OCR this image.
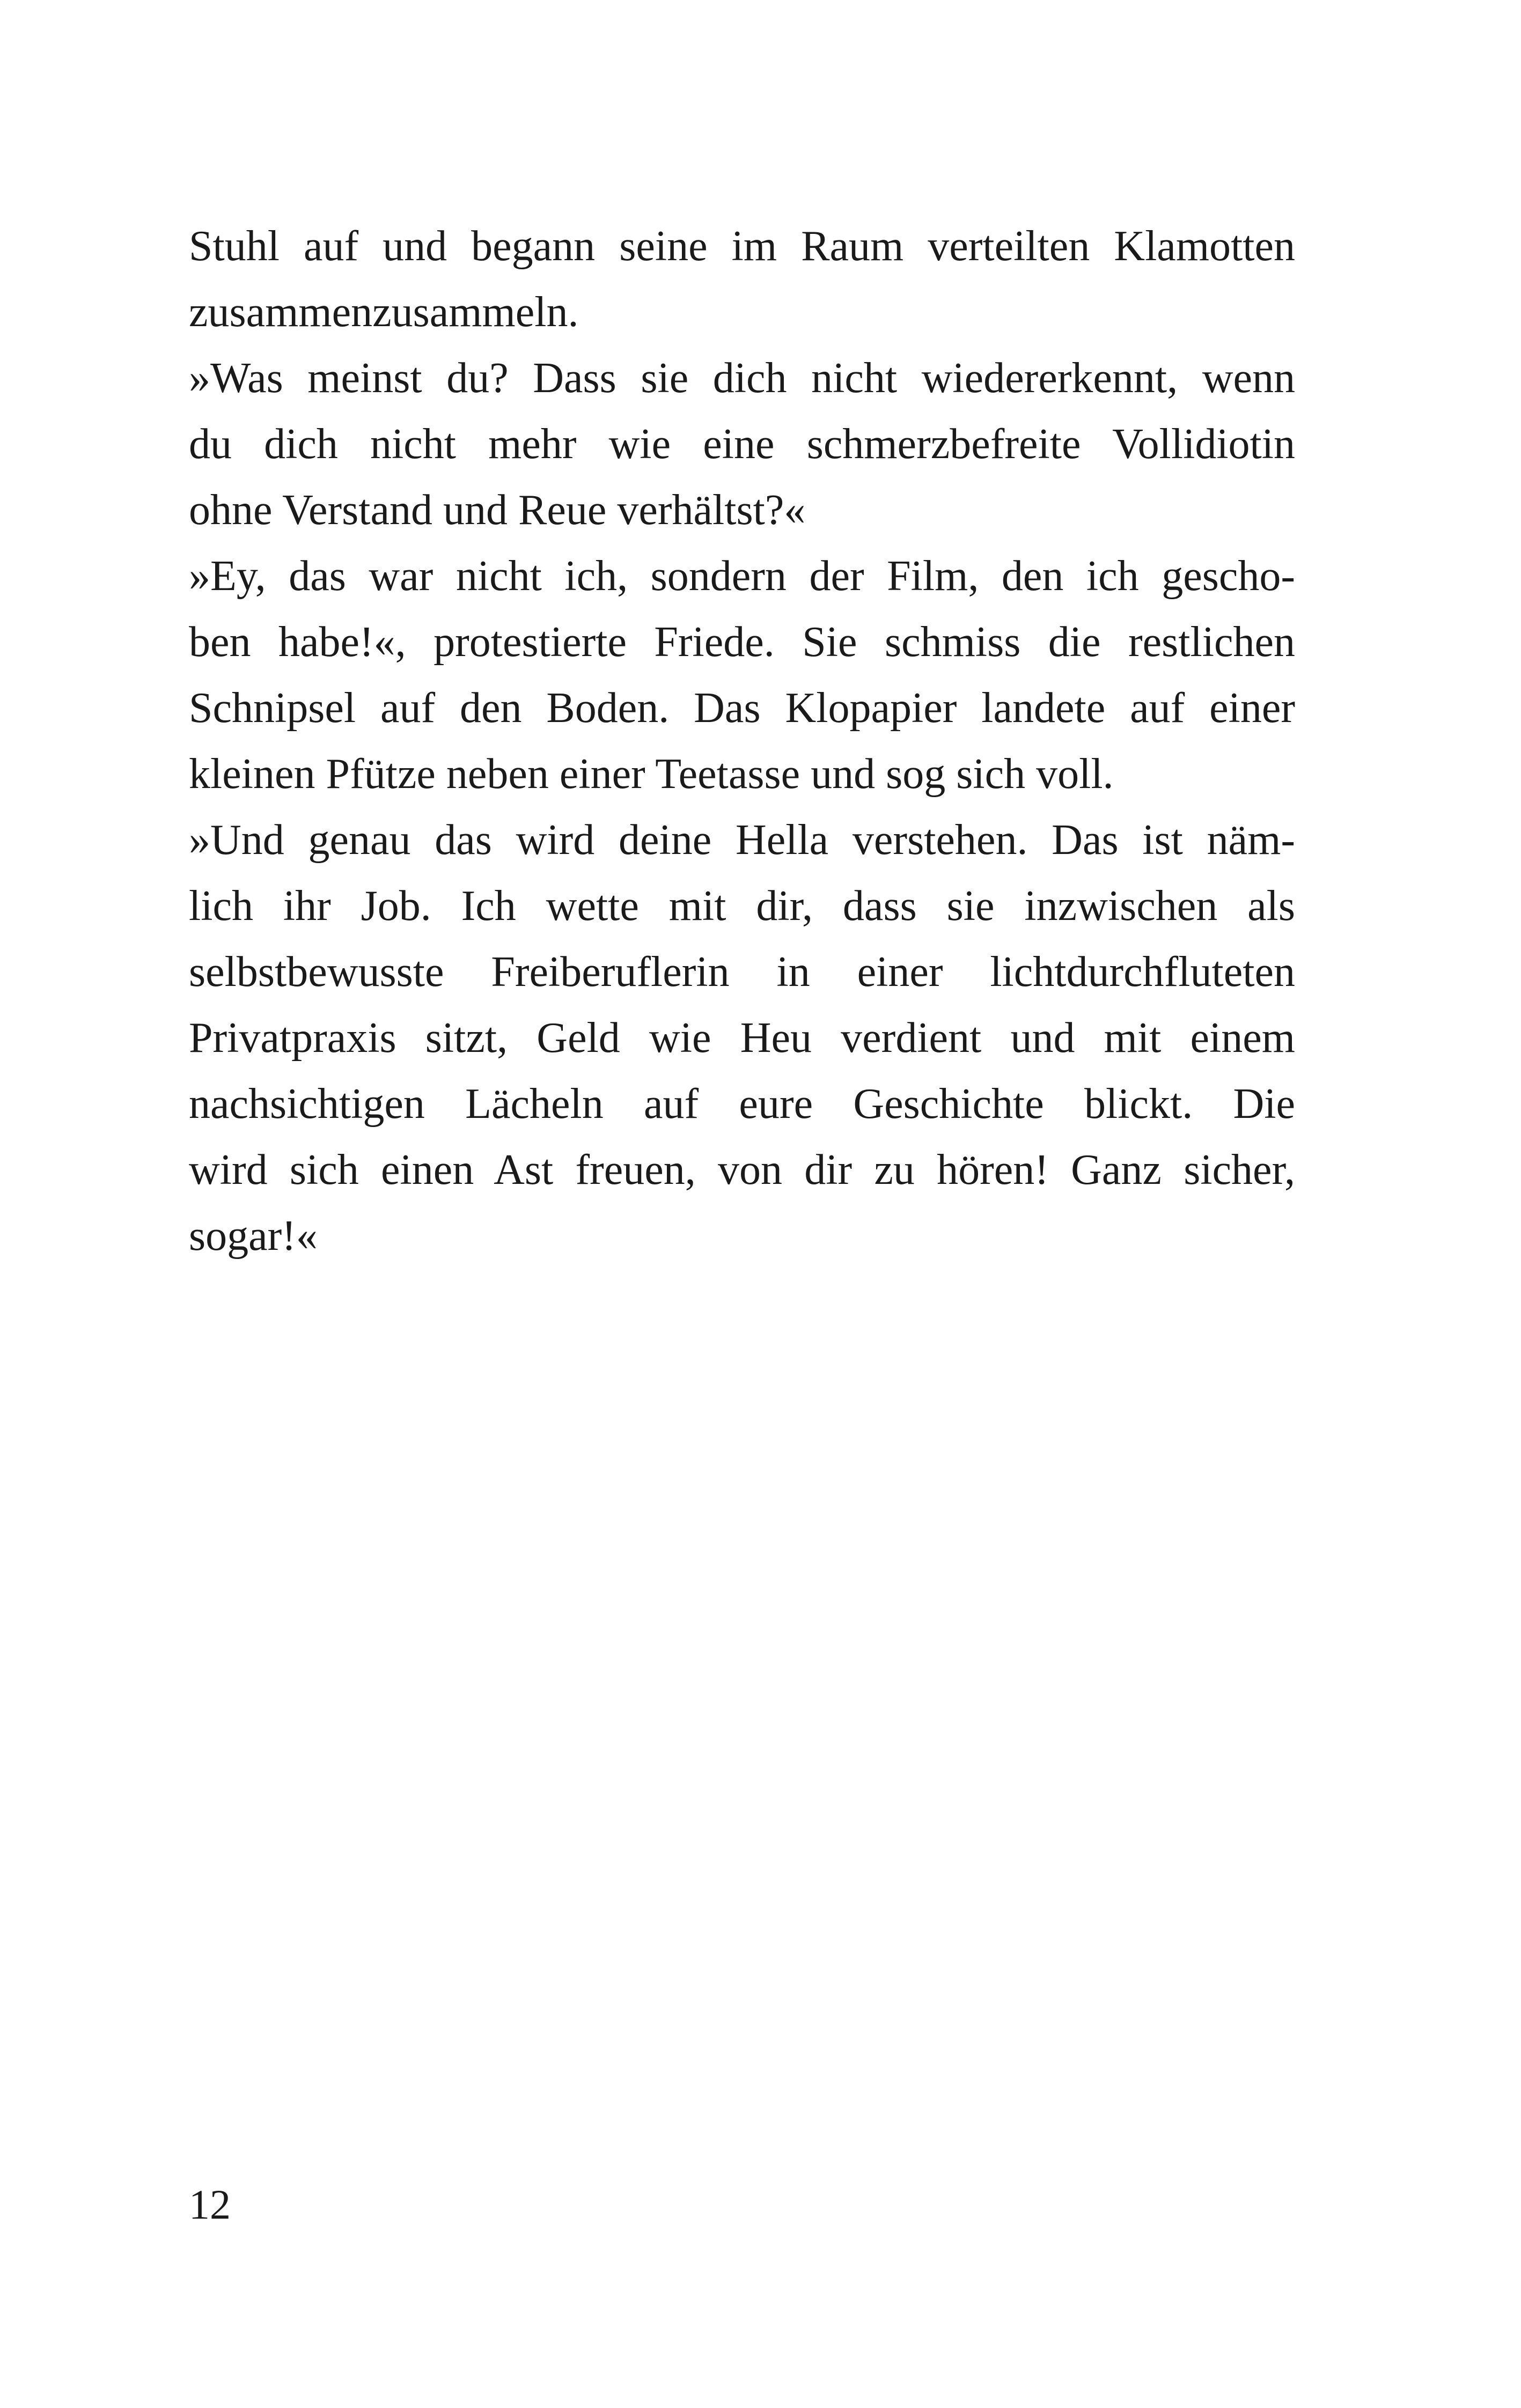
Stuhl auf und begann seine im Raum verteilten Klamotten
zusammenzusammeln.
»Was meinst du? Dass sie dich nicht wiedererkennt, wenn
du dich nicht mehr wie eine schmerzbefreite Vollidiotin
ohne Verstand und Reue verhältst?«
»Ey, das war nicht ich, sondern der Film, den ich gescho-
ben habe!«, protestierte Friede. Sie schmiss die restlichen
Schnipsel auf den Boden. Das Klopapier landete auf einer
kleinen Pfütze neben einer Teetasse und sog sich voll.
»Und genau das wird deine Hella verstehen. Das ist näm-
lich ihr Job. Ich wette mit dir, dass sie inzwischen als
selbstbewusste Freiberuflerin in einer lichtdurchfluteten
Privatpraxis sitzt, Geld wie Heu verdient und mit einem
nachsichtigen Lächeln auf eure Geschichte blickt. Die
wird sich einen Ast freuen, von dir zu hören! Ganz sicher,
sogar!«
12
